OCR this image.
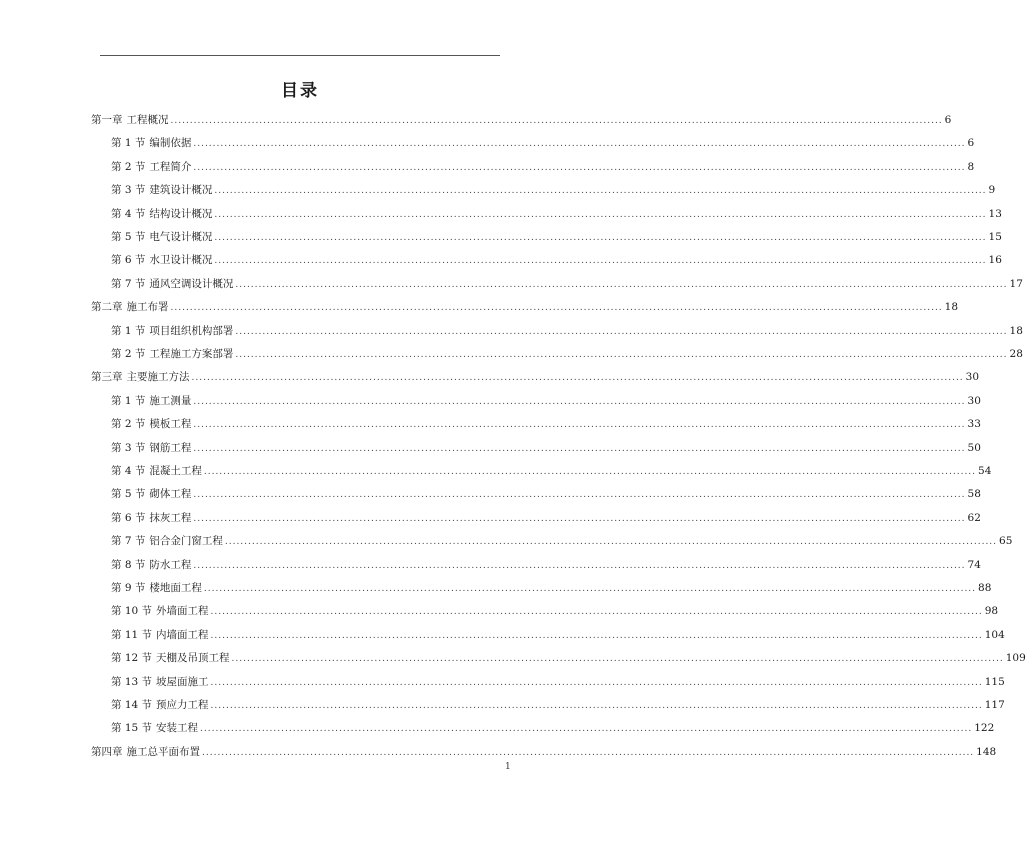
目录
第一章 工程概况 ........................................................................................................................................................................................................ 6
第 1 节 编制依据 ........................................................................................................................................................................................................ 6
第 2 节 工程简介 ........................................................................................................................................................................................................ 8
第 3 节 建筑设计概况 ........................................................................................................................................................................................................ 9
第 4 节 结构设计概况 ........................................................................................................................................................................................................ 13
第 5 节 电气设计概况 ........................................................................................................................................................................................................ 15
第 6 节 水卫设计概况 ........................................................................................................................................................................................................ 16
第 7 节 通风空调设计概况 ........................................................................................................................................................................................................ 17
第二章 施工布署 ........................................................................................................................................................................................................ 18
第 1 节 项目组织机构部署 ........................................................................................................................................................................................................ 18
第 2 节 工程施工方案部署 ........................................................................................................................................................................................................ 28
第三章 主要施工方法 ........................................................................................................................................................................................................ 30
第 1 节 施工测量 ........................................................................................................................................................................................................ 30
第 2 节 模板工程 ........................................................................................................................................................................................................ 33
第 3 节 钢筋工程 ........................................................................................................................................................................................................ 50
第 4 节 混凝土工程 ........................................................................................................................................................................................................ 54
第 5 节 砌体工程 ........................................................................................................................................................................................................ 58
第 6 节 抹灰工程 ........................................................................................................................................................................................................ 62
第 7 节 铝合金门窗工程 ........................................................................................................................................................................................................ 65
第 8 节 防水工程 ........................................................................................................................................................................................................ 74
第 9 节 楼地面工程 ........................................................................................................................................................................................................ 88
第 10 节 外墙面工程 ........................................................................................................................................................................................................ 98
第 11 节 内墙面工程 ........................................................................................................................................................................................................ 104
第 12 节 天棚及吊顶工程 ........................................................................................................................................................................................................ 109
第 13 节 坡屋面施工 ........................................................................................................................................................................................................ 115
第 14 节 预应力工程 ........................................................................................................................................................................................................ 117
第 15 节 安装工程 ........................................................................................................................................................................................................ 122
第四章 施工总平面布置 ........................................................................................................................................................................................................ 148
1
